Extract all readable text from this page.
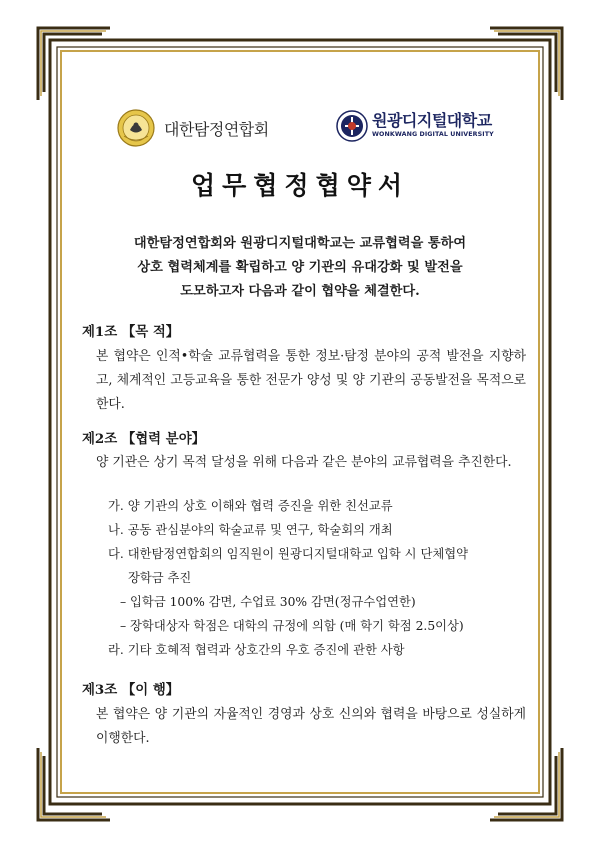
대한탐정연합회	원광디지털대학교
WONKWANG DIGITAL UNIVERSITY
업무협정협약서
대한탐정연합회와 원광디지털대학교는 교류협력을 통하여
상호 협력체계를 확립하고 양 기관의 유대강화 및 발전을
도모하고자 다음과 같이 협약을 체결한다.
제1조 【목 적】
본 협약은 인적•학술 교류협력을 통한 정보·탐정 분야의 공적 발전을 지향하고, 체계적인 고등교육을 통한 전문가 양성 및 양 기관의 공동발전을 목적으로 한다.
제2조 【협력 분야】
양 기관은 상기 목적 달성을 위해 다음과 같은 분야의 교류협력을 추진한다.
가. 양 기관의 상호 이해와 협력 증진을 위한 친선교류
나. 공동 관심분야의 학술교류 및 연구, 학술회의 개최
다. 대한탐정연합회의 임직원이 원광디지털대학교 입학 시 단체협약
장학금 추진
– 입학금 100% 감면, 수업료 30% 감면(정규수업연한)
– 장학대상자 학점은 대학의 규정에 의함 (매 학기 학점 2.5이상)
라. 기타 호혜적 협력과 상호간의 우호 증진에 관한 사항
제3조 【이 행】
본 협약은 양 기관의 자율적인 경영과 상호 신의와 협력을 바탕으로 성실하게 이행한다.
